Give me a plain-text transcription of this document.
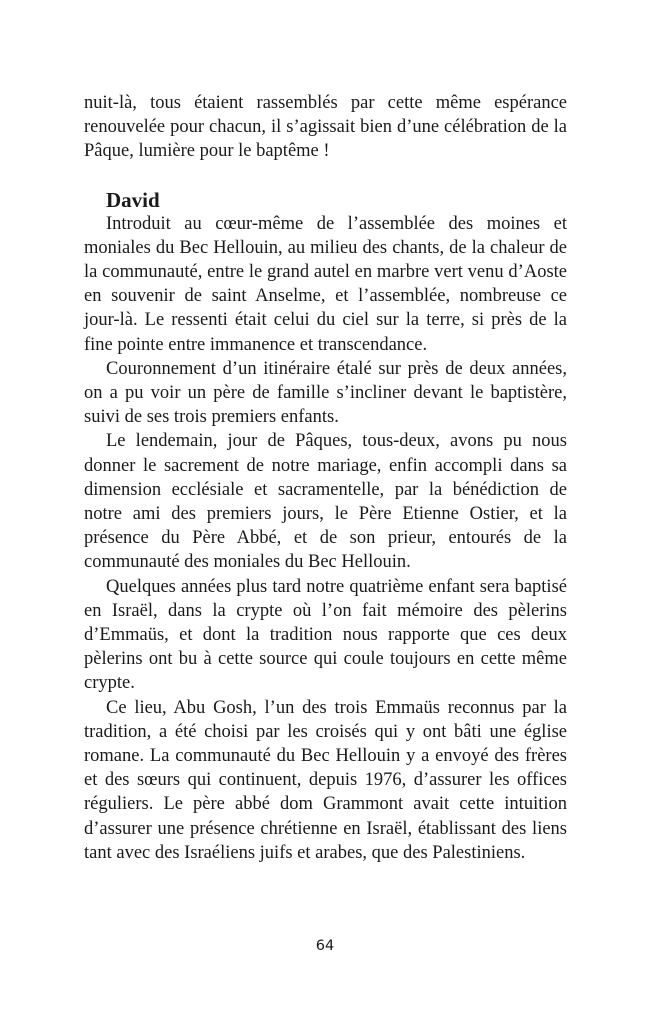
nuit-là, tous étaient rassemblés par cette même espérance renouvelée pour chacun, il s’agissait bien d’une célébration de la Pâque, lumière pour le baptême !

David

Introduit au cœur-même de l’assemblée des moines et moniales du Bec Hellouin, au milieu des chants, de la chaleur de la communauté, entre le grand autel en marbre vert venu d’Aoste en souvenir de saint Anselme, et l’assemblée, nombreuse ce jour-là. Le ressenti était celui du ciel sur la terre, si près de la fine pointe entre immanence et transcendance.

Couronnement d’un itinéraire étalé sur près de deux années, on a pu voir un père de famille s’incliner devant le baptistère, suivi de ses trois premiers enfants.

Le lendemain, jour de Pâques, tous-deux, avons pu nous donner le sacrement de notre mariage, enfin accompli dans sa dimension ecclésiale et sacramentelle, par la bénédiction de notre ami des premiers jours, le Père Etienne Ostier, et la présence du Père Abbé, et de son prieur, entourés de la communauté des moniales du Bec Hellouin.

Quelques années plus tard notre quatrième enfant sera baptisé en Israël, dans la crypte où l’on fait mémoire des pèlerins d’Emmaüs, et dont la tradition nous rapporte que ces deux pèlerins ont bu à cette source qui coule toujours en cette même crypte.

Ce lieu, Abu Gosh, l’un des trois Emmaüs reconnus par la tradition, a été choisi par les croisés qui y ont bâti une église romane. La communauté du Bec Hellouin y a envoyé des frères et des sœurs qui continuent, depuis 1976, d’assurer les offices réguliers. Le père abbé dom Grammont avait cette intuition d’assurer une présence chrétienne en Israël, établissant des liens tant avec des Israéliens juifs et arabes, que des Palestiniens.

64
